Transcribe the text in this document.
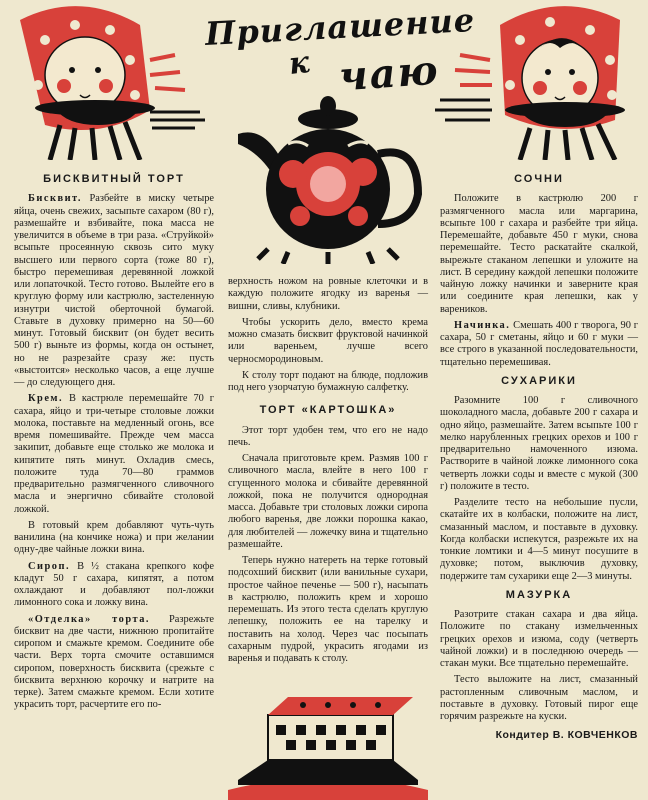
Приглашение
к чаю
БИСКВИТНЫЙ ТОРТ

Бисквит. Разбейте в миску четыре яйца, очень свежих, засыпьте сахаром (80 г), размешайте и взбивайте, пока масса не увеличится в объеме в три раза. «Струйкой» всыпьте просеянную сквозь сито муку высшего или первого сорта (тоже 80 г), быстро перемешивая деревянной ложкой или лопаточкой. Тесто готово. Вылейте его в круглую форму или кастрюлю, застеленную изнутри чистой оберточной бумагой. Ставьте в духовку примерно на 50—60 минут. Готовый бисквит (он будет весить 500 г) выньте из формы, когда он остынет, но не разрезайте сразу же: пусть «выстоится» несколько часов, а еще лучше — до следующего дня.

Крем. В кастрюле перемешайте 70 г сахара, яйцо и три-четыре столовые ложки молока, поставьте на медленный огонь, все время помешивайте. Прежде чем масса закипит, добавьте еще столько же молока и кипятите пять минут. Охладив смесь, положите туда 70—80 граммов предварительно размягченного сливочного масла и энергично сбивайте столовой ложкой.

В готовый крем добавляют чуть-чуть ванилина (на кончике ножа) и при желании одну-две чайные ложки вина.

Сироп. В ½ стакана крепкого кофе кладут 50 г сахара, кипятят, а потом охлаждают и добавляют пол-ложки лимонного сока и ложку вина.

«Отделка» торта. Разрежьте бисквит на две части, нижнюю пропитайте сиропом и смажьте кремом. Соедините обе части. Верх торта смочите оставшимся сиропом, поверхность бисквита (срежьте с бисквита верхнюю корочку и натрите на терке). Затем смажьте кремом. Если хотите украсить торт, расчертите его по-

верхность ножом на ровные клеточки и в каждую положите ягодку из варенья — вишни, сливы, клубники.

Чтобы ускорить дело, вместо крема можно смазать бисквит фруктовой начинкой или вареньем, лучше всего черносмородиновым.

К столу торт подают на блюде, подложив под него узорчатую бумажную салфетку.

ТОРТ «КАРТОШКА»

Этот торт удобен тем, что его не надо печь.

Сначала приготовьте крем. Размяв 100 г сливочного масла, влейте в него 100 г сгущенного молока и сбивайте деревянной ложкой, пока не получится однородная масса. Добавьте три столовых ложки сиропа любого варенья, две ложки порошка какао, для любителей — ложечку вина и тщательно размешайте.

Теперь нужно натереть на терке готовый подсохший бисквит (или ванильные сухари, простое чайное печенье — 500 г), насыпать в кастрюлю, положить крем и хорошо перемешать. Из этого теста сделать круглую лепешку, положить ее на тарелку и поставить на холод. Через час посыпать сахарным пудрой, украсить ягодами из варенья и подавать к столу.

СОЧНИ

Положите в кастрюлю 200 г размягченного масла или маргарина, всыпьте 100 г сахара и разбейте три яйца. Перемешайте, добавьте 450 г муки, снова перемешайте. Тесто раскатайте скалкой, вырежьте стаканом лепешки и уложите на лист. В середину каждой лепешки положите чайную ложку начинки и заверните края или соедините края лепешки, как у вареников.

Начинка. Смешать 400 г творога, 90 г сахара, 50 г сметаны, яйцо и 60 г муки — все строго в указанной последовательности, тщательно перемешивая.

СУХАРИКИ

Разомните 100 г сливочного шоколадного масла, добавьте 200 г сахара и одно яйцо, размешайте. Затем всыпьте 100 г мелко нарубленных грецких орехов и 100 г предварительно намоченного изюма. Растворите в чайной ложке лимонного сока четверть ложки соды и вместе с мукой (300 г) положите в тесто.

Разделите тесто на небольшие пусли, скатайте их в колбаски, положите на лист, смазанный маслом, и поставьте в духовку. Когда колбаски испекутся, разрежьте их на тонкие ломтики и 4—5 минут посушите в духовке; потом, выключив духовку, подержите там сухарики еще 2—3 минуты.

МАЗУРКА

Разотрите стакан сахара и два яйца. Положите по стакану измельченных грецких орехов и изюма, соду (четверть чайной ложки) и в последнюю очередь — стакан муки. Все тщательно перемешайте.

Тесто выложите на лист, смазанный растопленным сливочным маслом, и поставьте в духовку. Готовый пирог еще горячим разрежьте на куски.

Кондитер В. КОВЧЕНКОВ
